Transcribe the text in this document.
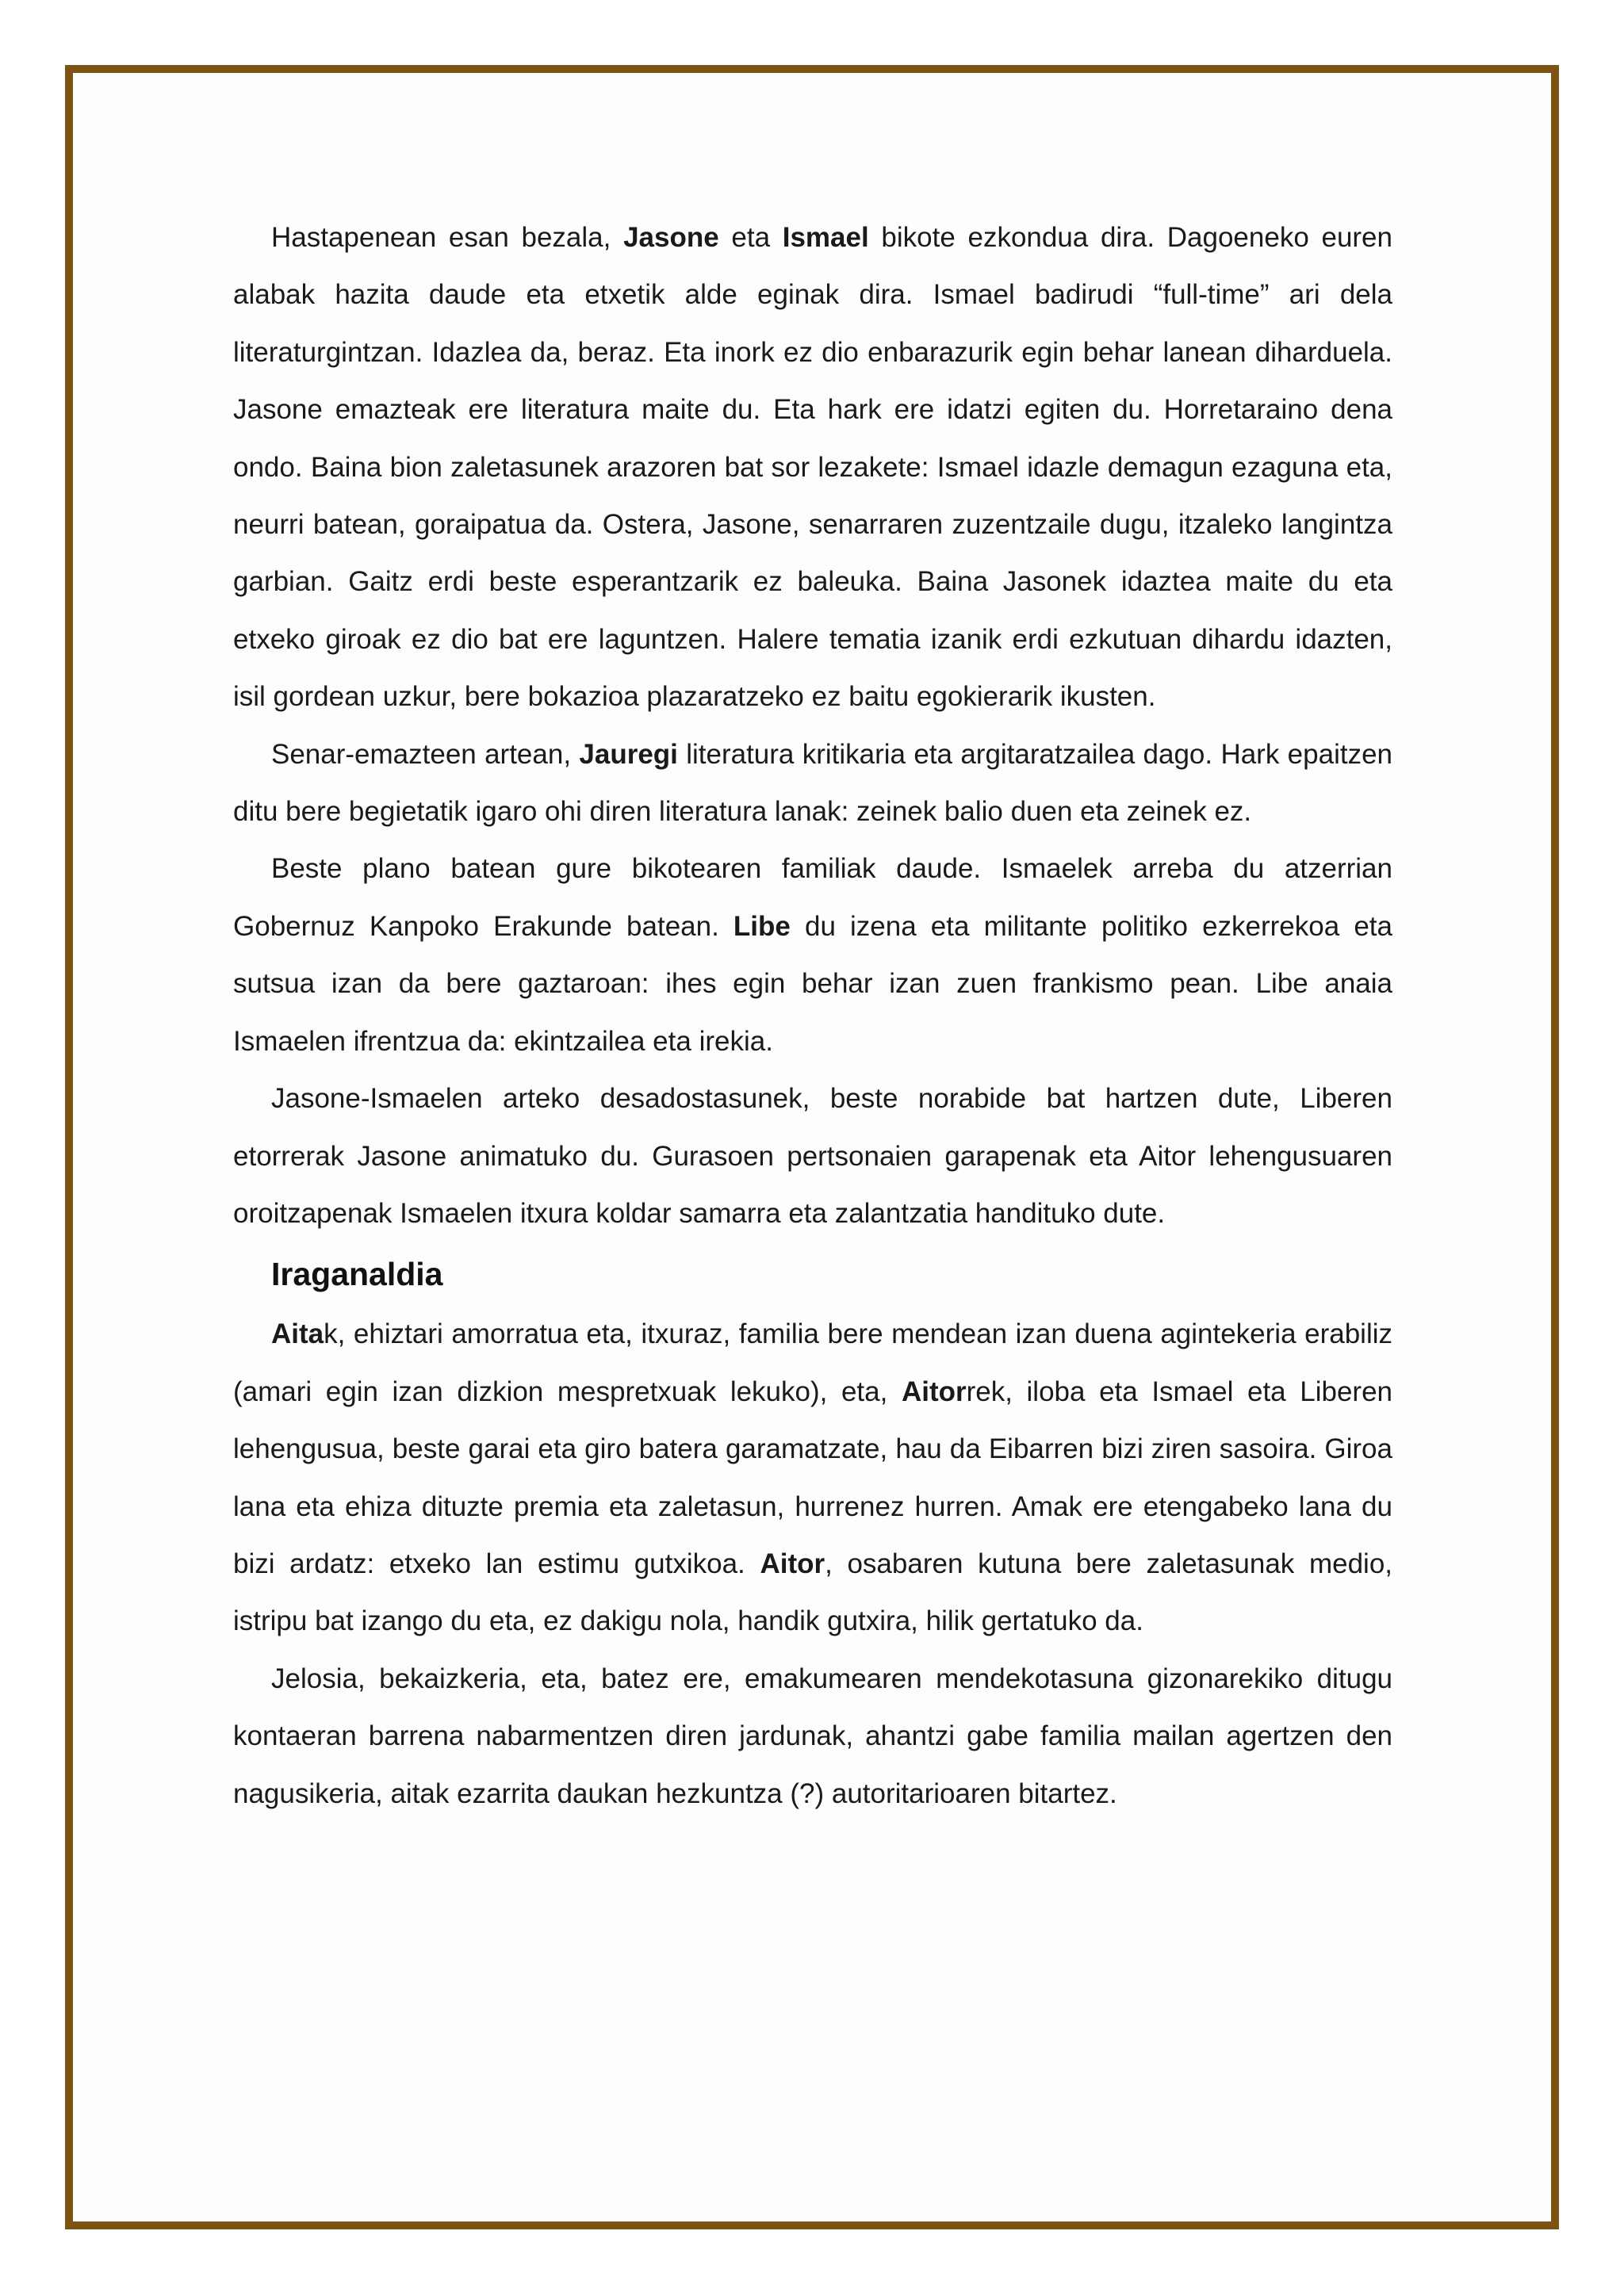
Hastapenean esan bezala, Jasone eta Ismael bikote ezkondua dira. Dagoeneko euren alabak hazita daude eta etxetik alde eginak dira. Ismael badirudi “full-time” ari dela literaturgintzan. Idazlea da, beraz. Eta inork ez dio enbarazurik egin behar lanean diharduela. Jasone emazteak ere literatura maite du. Eta hark ere idatzi egiten du. Horretaraino dena ondo. Baina bion zaletasunek arazoren bat sor lezakete: Ismael idazle demagun ezaguna eta, neurri batean, goraipatua da. Ostera, Jasone, senarraren zuzentzaile dugu, itzaleko langintza garbian. Gaitz erdi beste esperantzarik ez baleuka. Baina Jasonek idaztea maite du eta etxeko giroak ez dio bat ere laguntzen. Halere tematia izanik erdi ezkutuan dihardu idazten, isil gordean uzkur, bere bokazioa plazaratzeko ez baitu egokierarik ikusten.

Senar-emazteen artean, Jauregi literatura kritikaria eta argitaratzailea dago. Hark epaitzen ditu bere begietatik igaro ohi diren literatura lanak: zeinek balio duen eta zeinek ez.

Beste plano batean gure bikotearen familiak daude. Ismaelek arreba du atzerrian Gobernuz Kanpoko Erakunde batean. Libe du izena eta militante politiko ezkerrekoa eta sutsua izan da bere gaztaroan: ihes egin behar izan zuen frankismo pean. Libe anaia Ismaelen ifrentzua da: ekintzailea eta irekia.

Jasone-Ismaelen arteko desadostasunek, beste norabide bat hartzen dute, Liberen etorrerak Jasone animatuko du. Gurasoen pertsonaien garapenak eta Aitor lehengusuaren oroitzapenak Ismaelen itxura koldar samarra eta zalantzatia handituko dute.

Iraganaldia

Aitak, ehiztari amorratua eta, itxuraz, familia bere mendean izan duena agintekeria erabiliz (amari egin izan dizkion mespretxuak lekuko), eta, Aitorrek, iloba eta Ismael eta Liberen lehengusua, beste garai eta giro batera garamatzate, hau da Eibarren bizi ziren sasoira. Giroa lana eta ehiza dituzte premia eta zaletasun, hurrenez hurren. Amak ere etengabeko lana du bizi ardatz: etxeko lan estimu gutxikoa. Aitor, osabaren kutuna bere zaletasunak medio, istripu bat izango du eta, ez dakigu nola, handik gutxira, hilik gertatuko da.

Jelosia, bekaizkeria, eta, batez ere, emakumearen mendekotasuna gizonarekiko ditugu kontaeran barrena nabarmentzen diren jardunak, ahantzi gabe familia mailan agertzen den nagusikeria, aitak ezarrita daukan hezkuntza (?) autoritarioaren bitartez.
